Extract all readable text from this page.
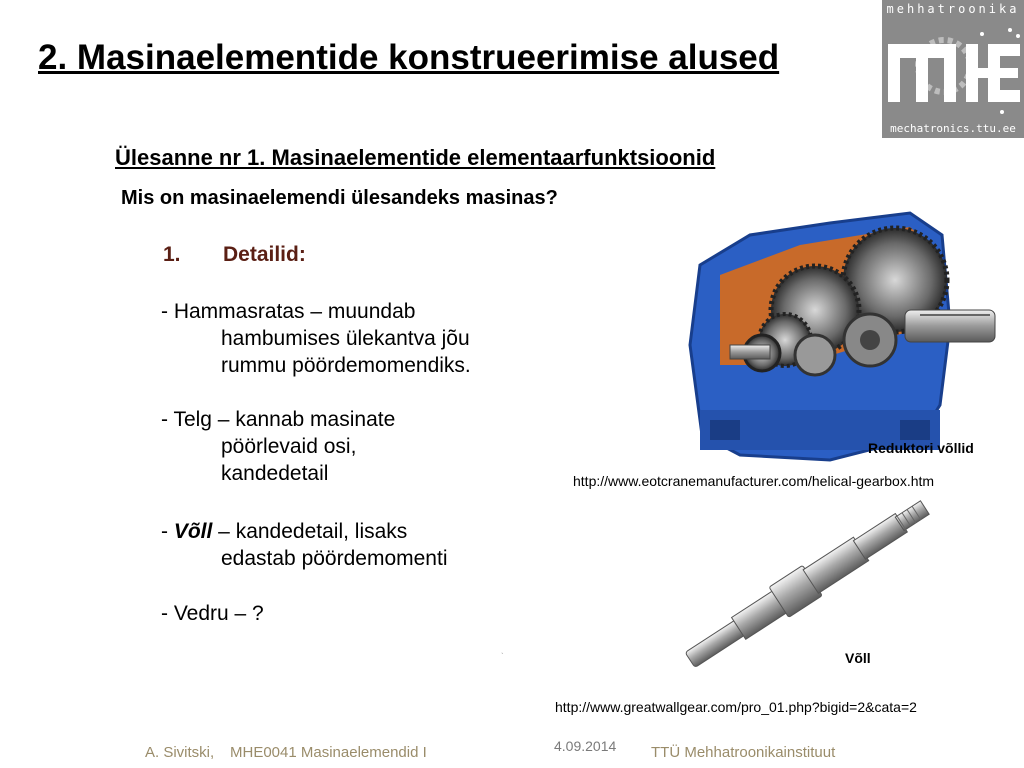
2. Masinaelementide konstrueerimise alused
mehhatroonika
mechatronics.ttu.ee
Ülesanne nr 1. Masinaelementide elementaarfunktsioonid
Mis on masinaelemendi ülesandeks masinas?
1. Detailid:
- Hammasratas – muundab
hambumises ülekantva jõu
rummu pöördemomendiks.
- Telg – kannab masinate
pöörlevaid osi,
kandedetail
- Võll – kandedetail, lisaks
edastab pöördemomenti
- Vedru – ?
`
Reduktori võllid
http://www.eotcranemanufacturer.com/helical-gearbox.htm
Võll
http://www.greatwallgear.com/pro_01.php?bigid=2&cata=2
A. Sivitski, MHE0041 Masinaelemendid I	4.09.2014 TTÜ Mehhatroonikainstituut
